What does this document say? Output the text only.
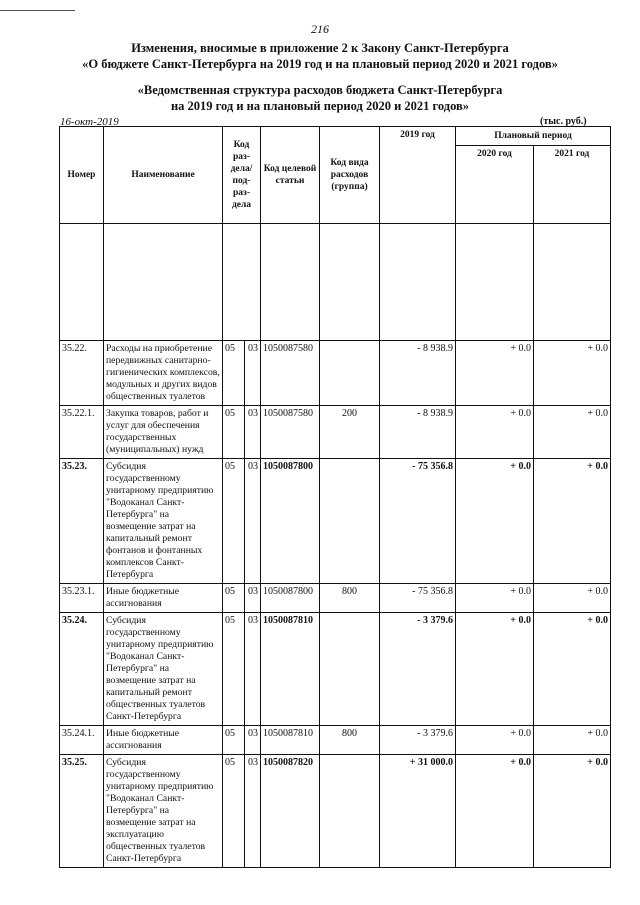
216
Изменения, вносимые в приложение 2 к Закону Санкт-Петербурга
«О бюджете Санкт-Петербурга на 2019 год и на плановый период 2020 и 2021 годов»
«Ведомственная структура расходов бюджета Санкт-Петербурга
на 2019 год и на плановый период 2020 и 2021 годов»
16-окт-2019	(тыс. руб.)
Номер	Наименование	Код раз-дела/ под-раз-дела		Код целевой статьи	Код вида расходов (группа)	2019 год	Плановый период	
							2020 год	2021 год

35.22.	Расходы на приобретение передвижных санитарно-гигиенических комплексов, модульных и других видов общественных туалетов	05	03	1050087580		- 8 938.9	+ 0.0	+ 0.0
35.22.1.	Закупка товаров, работ и услуг для обеспечения государственных (муниципальных) нужд	05	03	1050087580	200	- 8 938.9	+ 0.0	+ 0.0
35.23.	Субсидия государственному унитарному предприятию "Водоканал Санкт-Петербурга" на возмещение затрат на капитальный ремонт фонтанов и фонтанных комплексов Санкт-Петербурга	05	03	1050087800		- 75 356.8	+ 0.0	+ 0.0
35.23.1.	Иные бюджетные ассигнования	05	03	1050087800	800	- 75 356.8	+ 0.0	+ 0.0
35.24.	Субсидия государственному унитарному предприятию "Водоканал Санкт-Петербурга" на возмещение затрат на капитальный ремонт общественных туалетов Санкт-Петербурга	05	03	1050087810		- 3 379.6	+ 0.0	+ 0.0
35.24.1.	Иные бюджетные ассигнования	05	03	1050087810	800	- 3 379.6	+ 0.0	+ 0.0
35.25.	Субсидия государственному унитарному предприятию "Водоканал Санкт-Петербурга" на возмещение затрат на эксплуатацию общественных туалетов Санкт-Петербурга	05	03	1050087820		+ 31 000.0	+ 0.0	+ 0.0
